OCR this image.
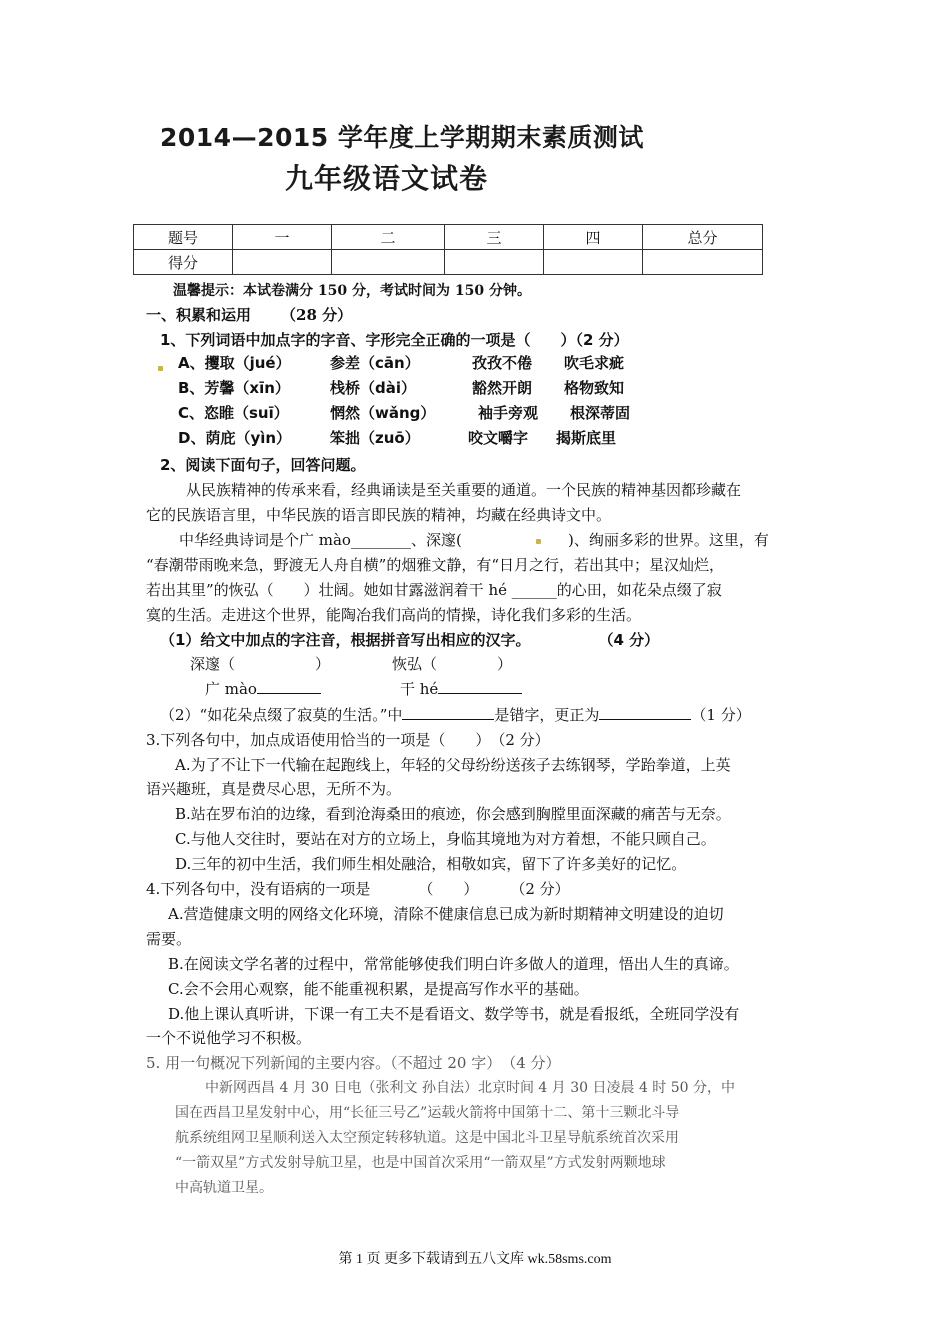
2014—2015 学年度上学期期末素质测试
九年级语文试卷
题号	一	二	三	四	总分
得分					
温馨提示：本试卷满分 150 分，考试时间为 150 分钟。
一、积累和运用 （28 分）
1、下列词语中加点字的字音、字形完全正确的一项是（　　）（2 分）
A、攫取（jué）	参差（cān）	孜孜不倦 吹毛求疵
B、芳馨（xīn）	栈桥（dài）	豁然开朗 格物致知
C、恣睢（suī）	惘然（wǎng）	袖手旁观 根深蒂固
D、荫庇（yìn）	笨拙（zuō）	咬文嚼字 揭斯底里
2、阅读下面句子，回答问题。
从民族精神的传承来看，经典诵读是至关重要的通道。一个民族的精神基因都珍藏在
它的民族语言里，中华民族的语言即民族的精神，均藏在经典诗文中。
中华经典诗词是个广 mào________、深邃(	)、绚丽多彩的世界。这里，有
“春潮带雨晚来急，野渡无人舟自横”的烟雅文静，有“日月之行，若出其中；星汉灿烂，
若出其里”的恢弘（　　）壮阔。她如甘露滋润着干 hé ______的心田，如花朵点缀了寂
寞的生活。走进这个世界，能陶冶我们高尚的情操，诗化我们多彩的生活。
（1）给文中加点的字注音，根据拼音写出相应的汉字。	（4 分）
深邃（	）	恢弘（	）
广 mào	干 hé
（2）“如花朵点缀了寂莫的生活。”中	是错字，更正为	（1 分）
3.下列各句中，加点成语使用恰当的一项是（　　）　（2 分）
A.为了不让下一代输在起跑线上，年轻的父母纷纷送孩子去练钢琴，学跆拳道，上英
语兴趣班，真是费尽心思，无所不为。
B.站在罗布泊的边缘，看到沧海桑田的痕迹，你会感到胸膛里面深藏的痛苦与无奈。
C.与他人交往时，要站在对方的立场上，身临其境地为对方着想，不能只顾自己。
D.三年的初中生活，我们师生相处融洽，相敬如宾，留下了许多美好的记忆。
4.下列各句中，没有语病的一项是	（　　） （2 分）
A.营造健康文明的网络文化环境，清除不健康信息已成为新时期精神文明建设的迫切
需要。
B.在阅读文学名著的过程中，常常能够使我们明白许多做人的道理，悟出人生的真谛。
C.会不会用心观察，能不能重视积累，是提高写作水平的基础。
D.他上课认真听讲，下课一有工夫不是看语文、数学等书，就是看报纸，全班同学没有
一个不说他学习不积极。
5. 用一句概况下列新闻的主要内容。（不超过 20 字）　（4 分）
中新网西昌 4 月 30 日电（张利文 孙自法）北京时间 4 月 30 日凌晨 4 时 50 分，中
国在西昌卫星发射中心，用“长征三号乙”运载火箭将中国第十二、第十三颗北斗导
航系统组网卫星顺利送入太空预定转移轨道。这是中国北斗卫星导航系统首次采用
“一箭双星”方式发射导航卫星，也是中国首次采用“一箭双星”方式发射两颗地球
中高轨道卫星。
第 1 页 更多下载请到五八文库 wk.58sms.com
